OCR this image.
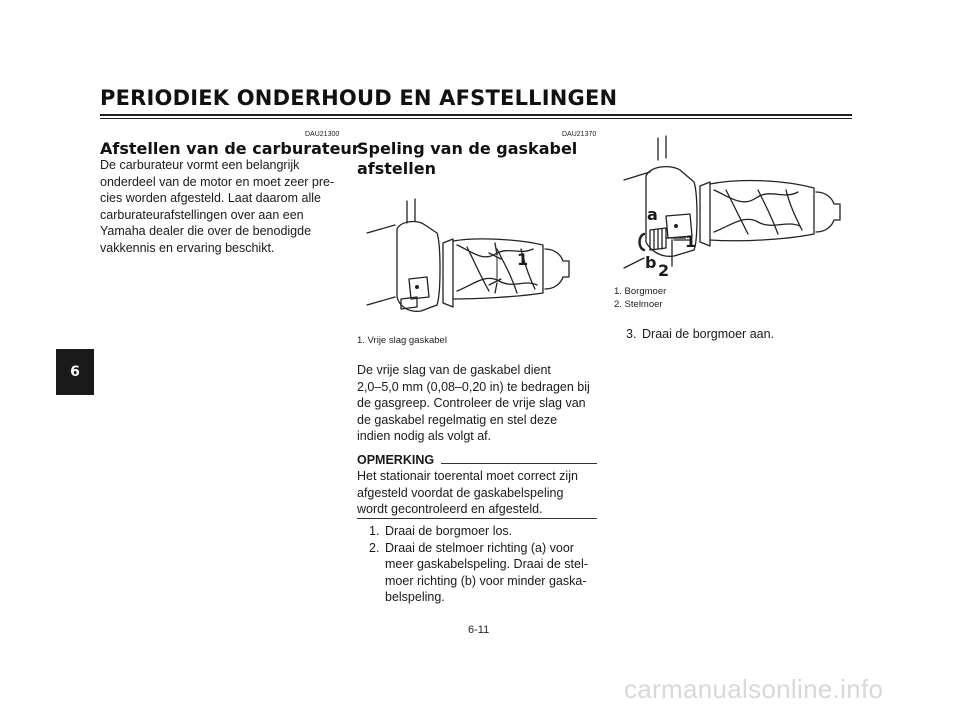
PERIODIEK ONDERHOUD EN AFSTELLINGEN
6
DAU21300
Afstellen van de carburateur
De carburateur vormt een belangrijk
onderdeel van de motor en moet zeer pre-
cies worden afgesteld. Laat daarom alle
carburateurafstellingen over aan een
Yamaha dealer die over de benodigde
vakkennis en ervaring beschikt.
DAU21370
Speling van de gaskabel
afstellen
1
1. Vrije slag gaskabel
De vrije slag van de gaskabel dient
2,0–5,0 mm (0,08–0,20 in) te bedragen bij
de gasgreep. Controleer de vrije slag van
de gaskabel regelmatig en stel deze
indien nodig als volgt af.
OPMERKING
Het stationair toerental moet correct zijn
afgesteld voordat de gaskabelspeling
wordt gecontroleerd en afgesteld.
1. Draai de borgmoer los.
2. Draai de stelmoer richting (a) voor
meer gaskabelspeling. Draai de stel-
moer richting (b) voor minder gaska-
belspeling.
a
1
b 2
1. Borgmoer
2. Stelmoer
3. Draai de borgmoer aan.
6-11
carmanualsonline.info
